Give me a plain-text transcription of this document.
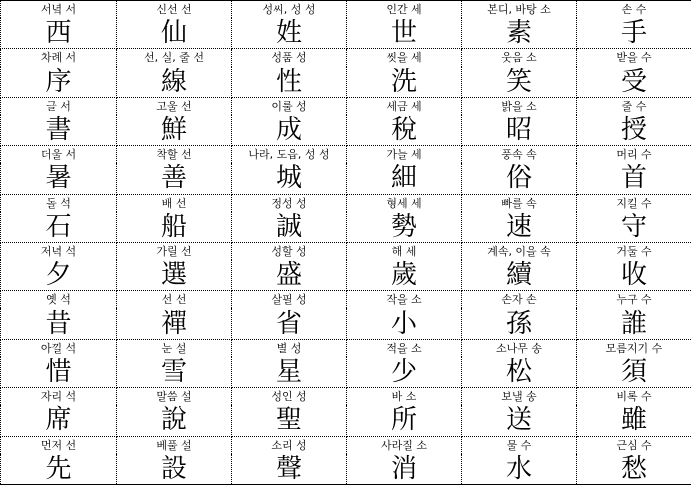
서녘 서	신선 선	성씨, 성 성	인간 세	본디, 바탕 소	손 수
西	仙	姓	世	素	手
차례 서	선, 실, 줄 선	성품 성	씻을 세	웃음 소	받을 수
序	線	性	洗	笑	受
글 서	고울 선	이룰 성	세금 세	밝을 소	줄 수
書	鮮	成	稅	昭	授
더울 서	착할 선	나라, 도읍, 성 성	가늘 세	풍속 속	머리 수
暑	善	城	細	俗	首
돌 석	배 선	정성 성	형세 세	빠를 속	지킬 수
石	船	誠	勢	速	守
저녁 석	가릴 선	성할 성	해 세	계속, 이을 속	거둘 수
夕	選	盛	歲	續	收
옛 석	선 선	살필 성	작을 소	손자 손	누구 수
昔	禪	省	小	孫	誰
아낄 석	눈 설	별 성	적을 소	소나무 송	모름지기 수
惜	雪	星	少	松	須
자리 석	말씀 설	성인 성	바 소	보낼 송	비록 수
席	說	聖	所	送	雖
먼저 선	베풀 설	소리 성	사라질 소	물 수	근심 수
先	設	聲	消	水	愁
